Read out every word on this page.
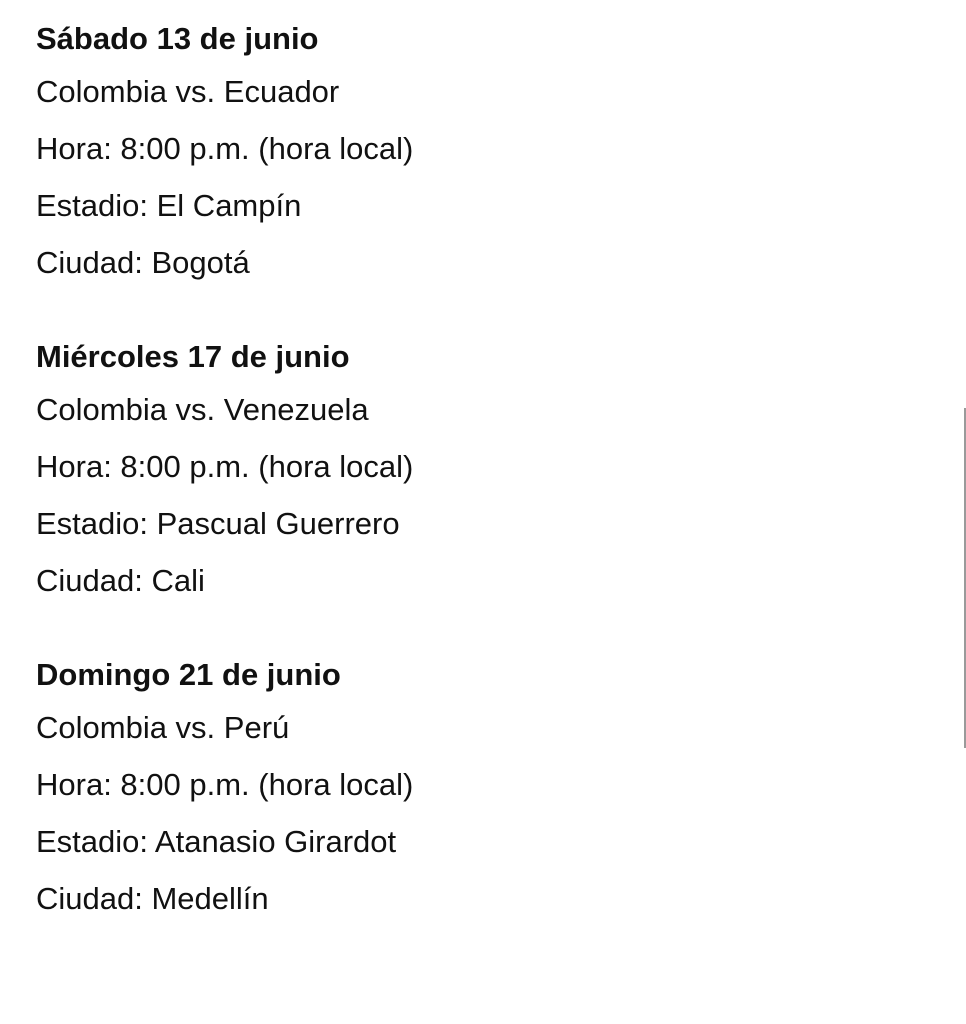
Sábado 13 de junio

Colombia vs. Ecuador

Hora: 8:00 p.m. (hora local)

Estadio: El Campín

Ciudad: Bogotá

Miércoles 17 de junio

Colombia vs. Venezuela

Hora: 8:00 p.m. (hora local)

Estadio: Pascual Guerrero

Ciudad: Cali

Domingo 21 de junio

Colombia vs. Perú

Hora: 8:00 p.m. (hora local)

Estadio: Atanasio Girardot

Ciudad: Medellín
